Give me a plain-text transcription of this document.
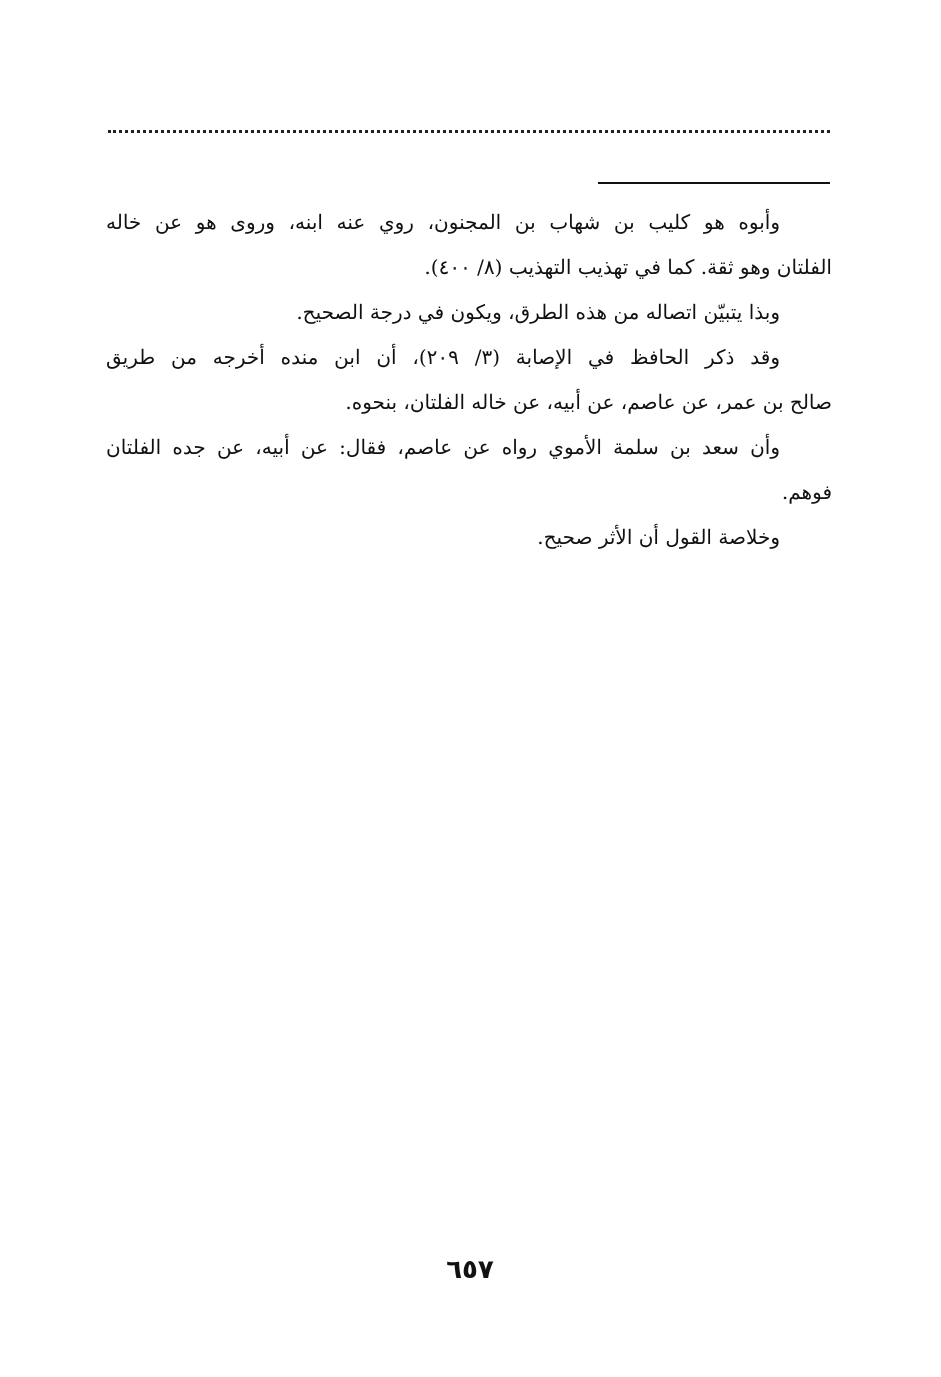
وأبوه هو كليب بن شهاب بن المجنون، روي عنه ابنه، وروى هو عن خاله
الفلتان وهو ثقة. كما في تهذيب التهذيب (٨/ ٤٠٠).
وبذا يتبيّن اتصاله من هذه الطرق، ويكون في درجة الصحيح.
وقد ذكر الحافظ في الإصابة (٣/ ٢٠٩)، أن ابن منده أخرجه من طريق
صالح بن عمر، عن عاصم، عن أبيه، عن خاله الفلتان، بنحوه.
وأن سعد بن سلمة الأموي رواه عن عاصم، فقال: عن أبيه، عن جده الفلتان
فوهم.
وخلاصة القول أن الأثر صحيح.
٦٥٧
